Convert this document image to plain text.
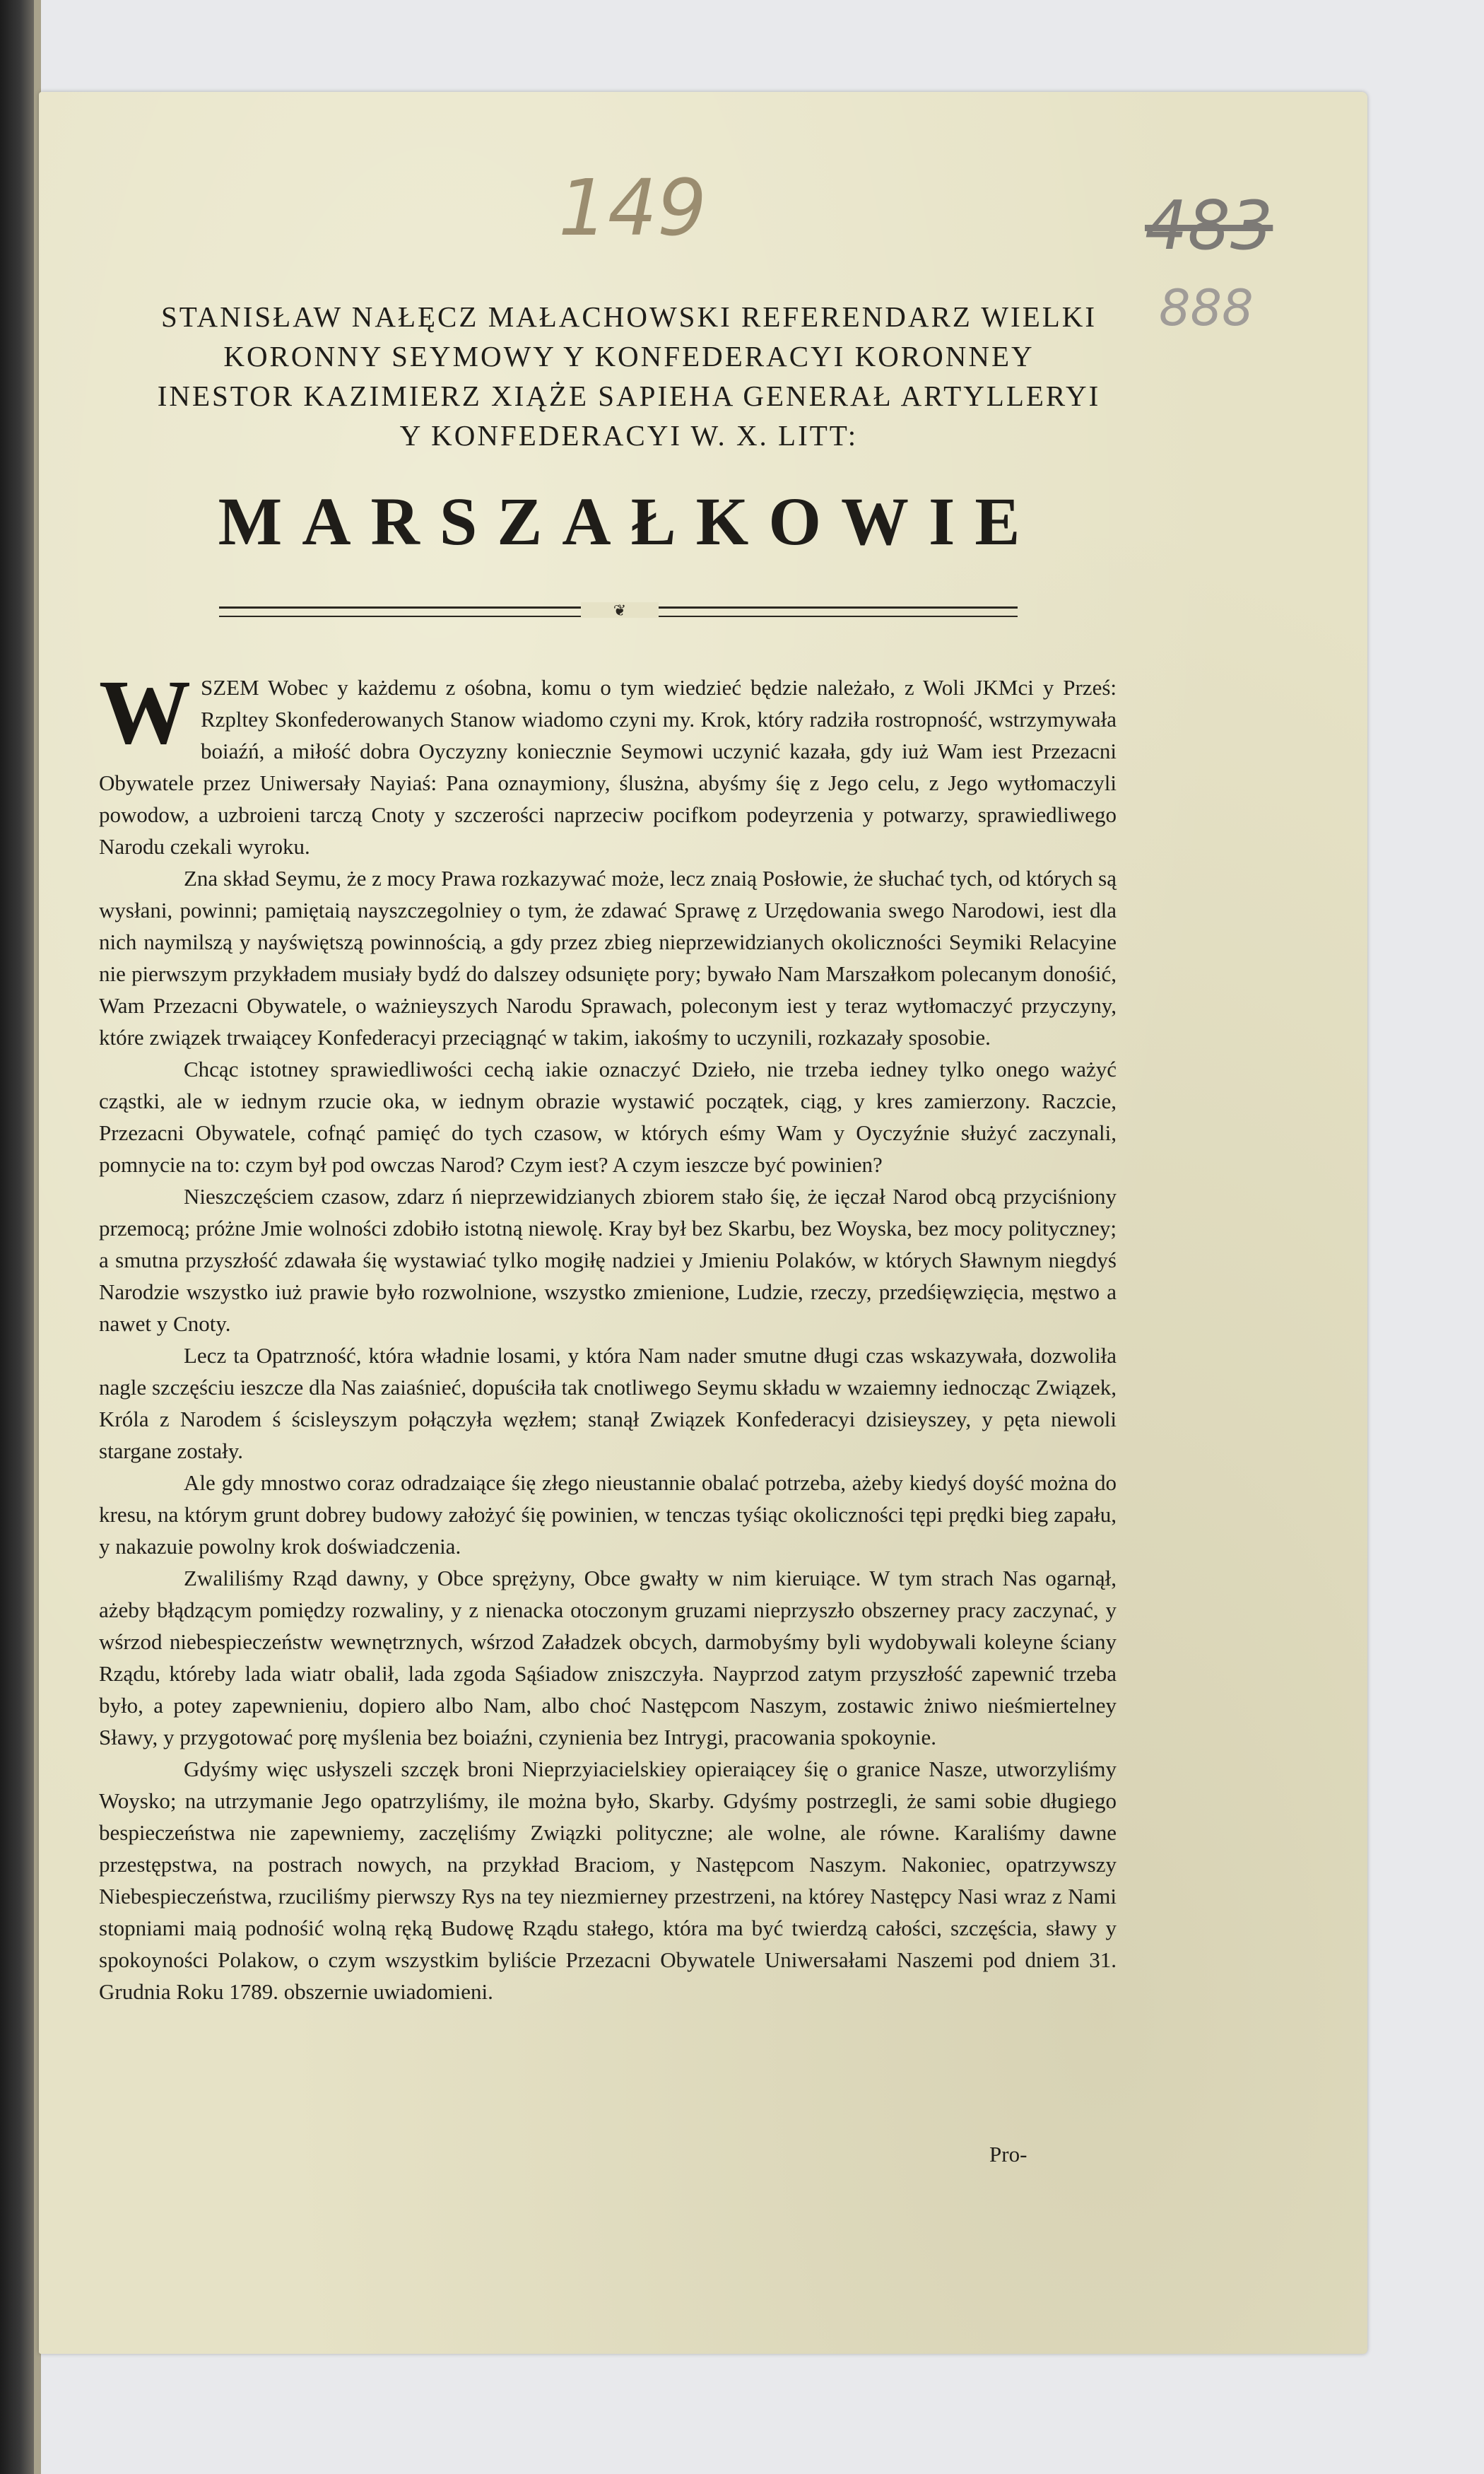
149	483
888
STANISŁAW NAŁĘCZ MAŁACHOWSKI REFERENDARZ WIELKI
KORONNY SEYMOWY Y KONFEDERACYI KORONNEY
INESTOR KAZIMIERZ XIĄŻE SAPIEHA GENERAŁ ARTYLLERYI
Y KONFEDERACYI W. X. LITT:
MARSZAŁKOWIE
❦

WSZEM Wobec y każdemu z ośobna, komu o tym wiedzieć będzie należało, z Woli JKMci y Prześ: Rzpltey Skonfederowanych Stanow wiadomo czyni my. Krok, który radziła rostropność, wstrzymywała boiaźń, a miłość dobra Oyczyzny koniecznie Seymowi uczynić kazała, gdy iuż Wam iest Przezacni Obywatele przez Uniwersały Nayiaś: Pana oznaymiony, ślusżna, abyśmy śię z Jego celu, z Jego wytłomaczyli powodow, a uzbroieni tarczą Cnoty y szczerości naprzeciw pocifkom podeyrzenia y potwarzy, sprawiedliwego Narodu czekali wyroku.

Zna skład Seymu, że z mocy Prawa rozkazywać może, lecz znaią Posłowie, że słuchać tych, od których są wysłani, powinni; pamiętaią nayszczegolniey o tym, że zdawać Sprawę z Urzędowania swego Narodowi, iest dla nich naymilszą y nayświętszą powinnością, a gdy przez zbieg nieprzewidzianych okoliczności Seymiki Relacyine nie pierwszym przykładem musiały bydź do dalszey odsunięte pory; bywało Nam Marszałkom polecanym donośić, Wam Przezacni Obywatele, o ważnieyszych Narodu Sprawach, poleconym iest y teraz wytłomaczyć przyczyny, które związek trwaiącey Konfederacyi przeciągnąć w takim, iakośmy to uczynili, rozkazały sposobie.

Chcąc istotney sprawiedliwości cechą iakie oznaczyć Dzieło, nie trzeba iedney tylko onego ważyć cząstki, ale w iednym rzucie oka, w iednym obrazie wystawić początek, ciąg, y kres zamierzony. Raczcie, Przezacni Obywatele, cofnąć pamięć do tych czasow, w których eśmy Wam y Oyczyźnie służyć zaczynali, pomnycie na to: czym był pod owczas Narod? Czym iest? A czym ieszcze być powinien?

Nieszczęściem czasow, zdarz ń nieprzewidzianych zbiorem stało śię, że ięczał Narod obcą przyciśniony przemocą; próżne Jmie wolności zdobiło istotną niewolę. Kray był bez Skarbu, bez Woyska, bez mocy polityczney; a smutna przyszłość zdawała śię wystawiać tylko mogiłę nadziei y Jmieniu Polaków, w których Sławnym niegdyś Narodzie wszystko iuż prawie było rozwolnione, wszystko zmienione, Ludzie, rzeczy, przedśięwzięcia, męstwo a nawet y Cnoty.

Lecz ta Opatrzność, która władnie losami, y która Nam nader smutne długi czas wskazywała, dozwoliła nagle szczęściu ieszcze dla Nas zaiaśnieć, dopuściła tak cnotliwego Seymu składu w wzaiemny iednocząc Związek, Króla z Narodem ś ścisleyszym połączyła węzłem; stanął Związek Konfederacyi dzisieyszey, y pęta niewoli stargane zostały.

Ale gdy mnostwo coraz odradzaiące śię złego nieustannie obalać potrzeba, ażeby kiedyś doyść można do kresu, na którym grunt dobrey budowy założyć śię powinien, w tenczas tyśiąc okoliczności tępi prędki bieg zapału, y nakazuie powolny krok doświadczenia.

Zwaliliśmy Rząd dawny, y Obce sprężyny, Obce gwałty w nim kieruiące. W tym strach Nas ogarnął, ażeby błądzącym pomiędzy rozwaliny, y z nienacka otoczonym gruzami nieprzyszło obszerney pracy zaczynać, y wśrzod niebespieczeństw wewnętrznych, wśrzod Załadzek obcych, darmobyśmy byli wydobywali koleyne ściany Rządu, któreby lada wiatr obalił, lada zgoda Sąśiadow zniszczyła. Nayprzod zatym przyszłość zapewnić trzeba było, a potey zapewnieniu, dopiero albo Nam, albo choć Następcom Naszym, zostawic żniwo nieśmiertelney Sławy, y przygotować porę myślenia bez boiaźni, czynienia bez Intrygi, pracowania spokoynie.

Gdyśmy więc usłyszeli szczęk broni Nieprzyiacielskiey opieraiącey śię o granice Nasze, utworzyliśmy Woysko; na utrzymanie Jego opatrzyliśmy, ile można było, Skarby. Gdyśmy postrzegli, że sami sobie długiego bespieczeństwa nie zapewniemy, zaczęliśmy Związki polityczne; ale wolne, ale równe. Karaliśmy dawne przestępstwa, na postrach nowych, na przykład Braciom, y Następcom Naszym. Nakoniec, opatrzywszy Niebespieczeństwa, rzuciliśmy pierwszy Rys na tey niezmierney przestrzeni, na którey Następcy Nasi wraz z Nami stopniami maią podnośić wolną ręką Budowę Rządu stałego, która ma być twierdzą całości, szczęścia, sławy y spokoyności Polakow, o czym wszystkim byliście Przezacni Obywatele Uniwersałami Naszemi pod dniem 31. Grudnia Roku 1789. obszernie uwiadomieni.

Pro-
